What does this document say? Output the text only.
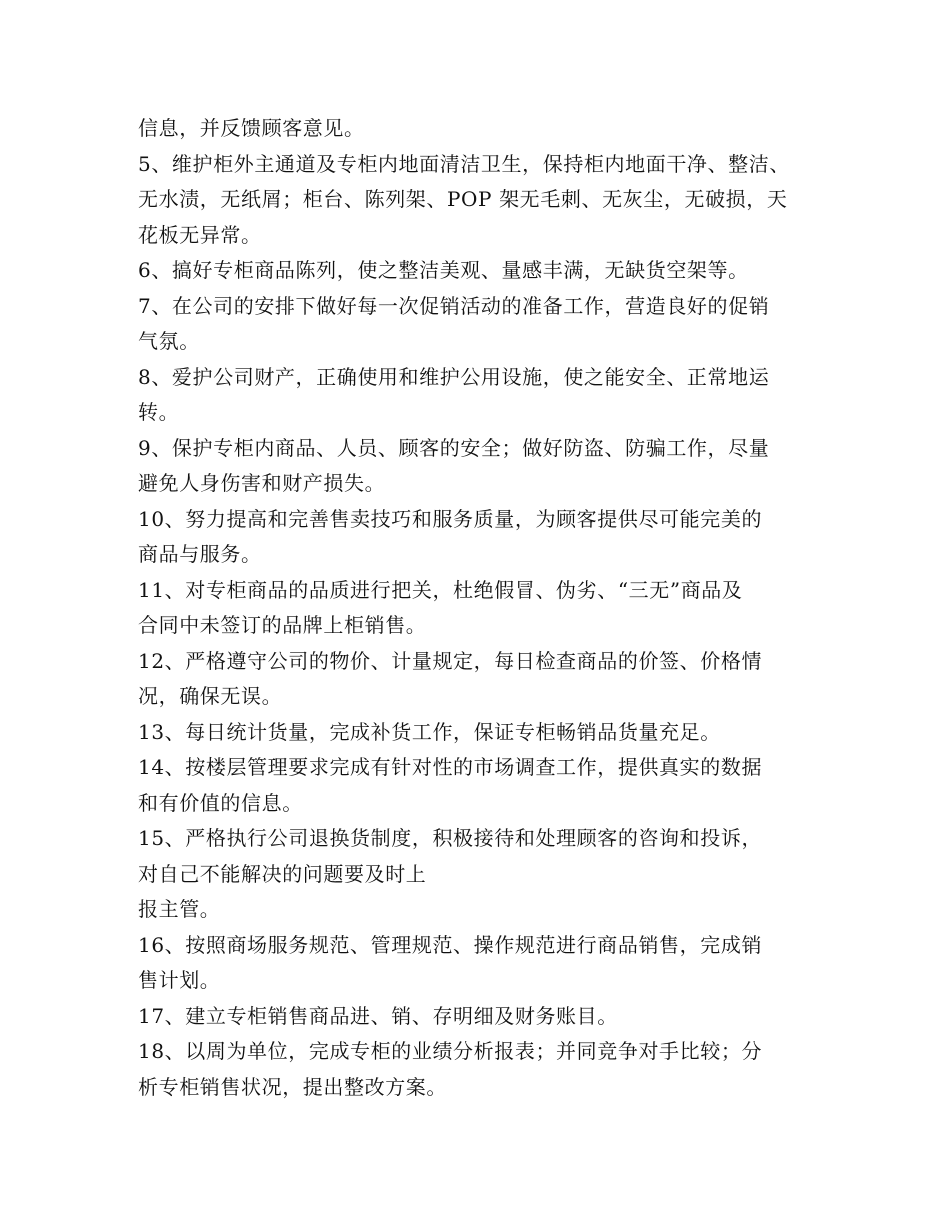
信息，并反馈顾客意见。
5、维护柜外主通道及专柜内地面清洁卫生，保持柜内地面干净、整洁、
无水渍，无纸屑；柜台、陈列架、POP 架无毛刺、无灰尘，无破损，天
花板无异常。
6、搞好专柜商品陈列，使之整洁美观、量感丰满，无缺货空架等。
7、在公司的安排下做好每一次促销活动的准备工作，营造良好的促销
气氛。
8、爱护公司财产，正确使用和维护公用设施，使之能安全、正常地运
转。
9、保护专柜内商品、人员、顾客的安全；做好防盗、防骗工作，尽量
避免人身伤害和财产损失。
10、努力提高和完善售卖技巧和服务质量，为顾客提供尽可能完美的
商品与服务。
11、对专柜商品的品质进行把关，杜绝假冒、伪劣、“三无”商品及
合同中未签订的品牌上柜销售。
12、严格遵守公司的物价、计量规定，每日检查商品的价签、价格情
况，确保无误。
13、每日统计货量，完成补货工作，保证专柜畅销品货量充足。
14、按楼层管理要求完成有针对性的市场调查工作，提供真实的数据
和有价值的信息。
15、严格执行公司退换货制度，积极接待和处理顾客的咨询和投诉，
对自己不能解决的问题要及时上
报主管。
16、按照商场服务规范、管理规范、操作规范进行商品销售，完成销
售计划。
17、建立专柜销售商品进、销、存明细及财务账目。
18、以周为单位，完成专柜的业绩分析报表；并同竞争对手比较；分
析专柜销售状况，提出整改方案。
